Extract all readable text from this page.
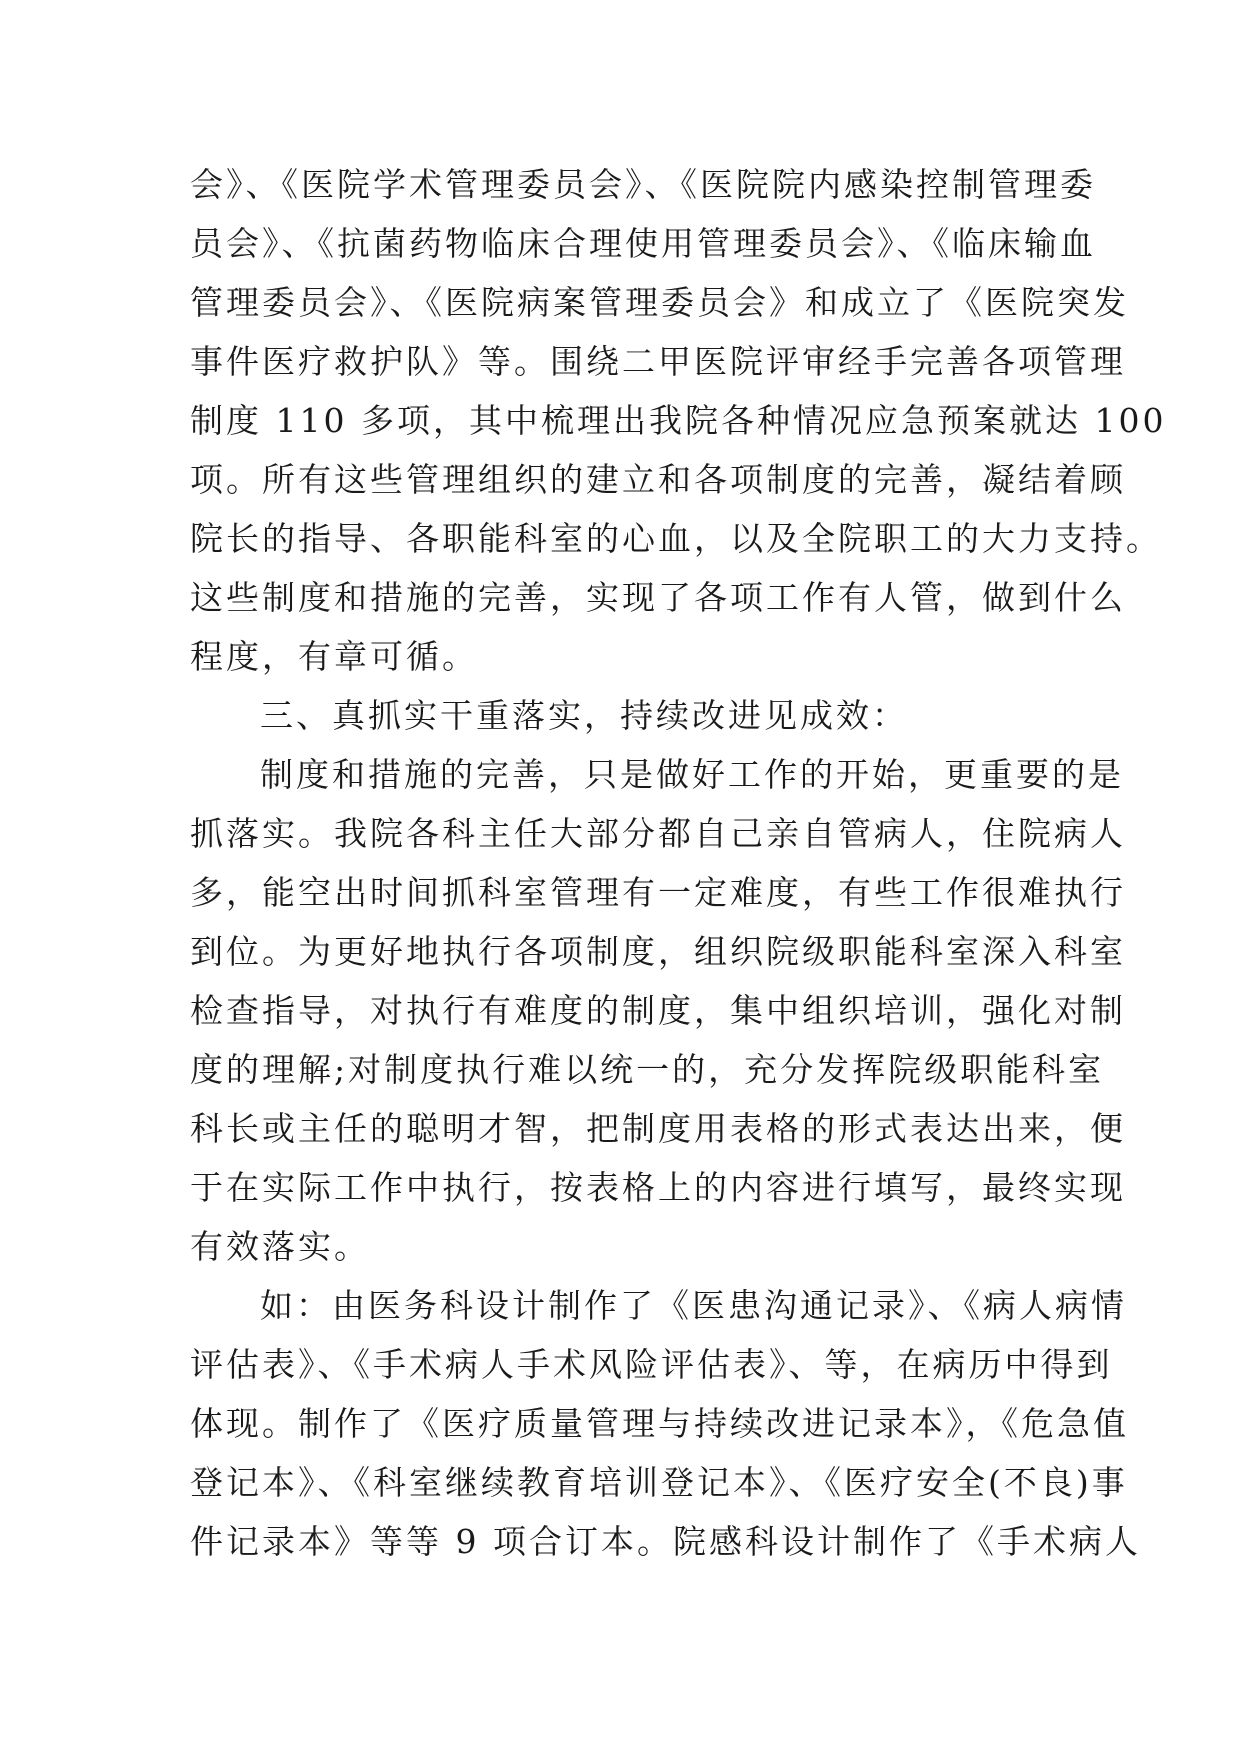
会》、《医院学术管理委员会》、《医院院内感染控制管理委
员会》、《抗菌药物临床合理使用管理委员会》、《临床输血
管理委员会》、《医院病案管理委员会》和成立了《医院突发
事件医疗救护队》等。围绕二甲医院评审经手完善各项管理
制度 110 多项，其中梳理出我院各种情况应急预案就达 100
项。所有这些管理组织的建立和各项制度的完善，凝结着顾
院长的指导、各职能科室的心血，以及全院职工的大力支持。
这些制度和措施的完善，实现了各项工作有人管，做到什么
程度，有章可循。
三、真抓实干重落实，持续改进见成效：
制度和措施的完善，只是做好工作的开始，更重要的是
抓落实。我院各科主任大部分都自己亲自管病人，住院病人
多，能空出时间抓科室管理有一定难度，有些工作很难执行
到位。为更好地执行各项制度，组织院级职能科室深入科室
检查指导，对执行有难度的制度，集中组织培训，强化对制
度的理解;对制度执行难以统一的，充分发挥院级职能科室
科长或主任的聪明才智，把制度用表格的形式表达出来，便
于在实际工作中执行，按表格上的内容进行填写，最终实现
有效落实。
如：由医务科设计制作了《医患沟通记录》、《病人病情
评估表》、《手术病人手术风险评估表》、等，在病历中得到
体现。制作了《医疗质量管理与持续改进记录本》，《危急值
登记本》、《科室继续教育培训登记本》、《医疗安全(不良)事
件记录本》等等 9 项合订本。院感科设计制作了《手术病人
